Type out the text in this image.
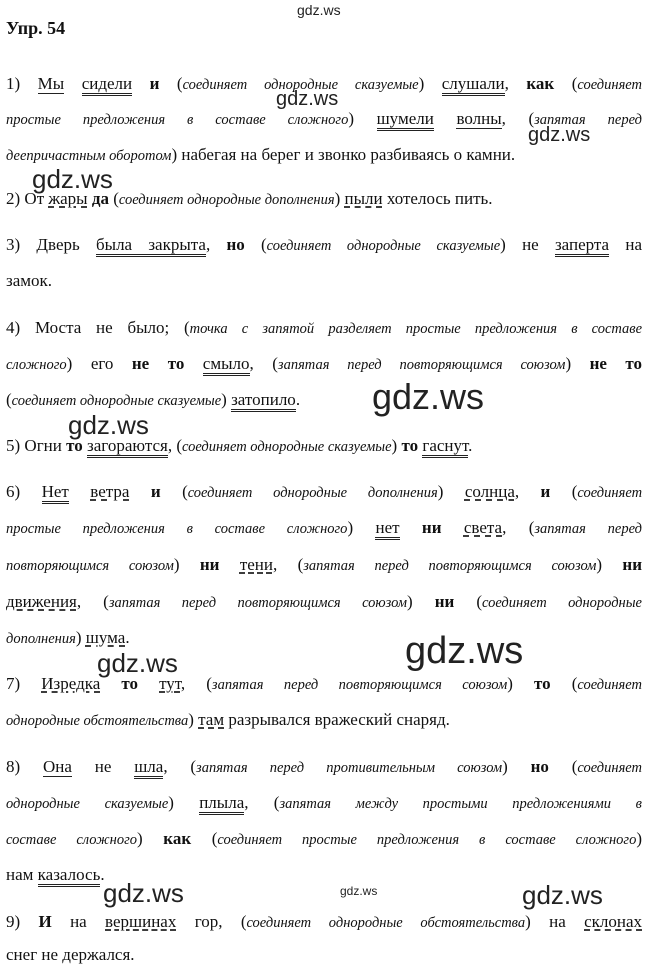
Упр. 54
1) Мы сидели и (соединяет однородные сказуемые) слушали, как (соединяет
простые предложения в составе сложного) шумели волны, (запятая перед
деепричастным оборотом) набегая на берег и звонко разбиваясь о камни.
2) От жары да (соединяет однородные дополнения) пыли хотелось пить.
3) Дверь была закрыта, но (соединяет однородные сказуемые) не заперта на
замок.
4) Моста не было; (точка с запятой разделяет простые предложения в составе
сложного) его не то смыло, (запятая перед повторяющимся союзом) не то
(соединяет однородные сказуемые) затопило.
5) Огни то загораются, (соединяет однородные сказуемые) то гаснут.
6) Нет ветра и (соединяет однородные дополнения) солнца, и (соединяет
простые предложения в составе сложного) нет ни света, (запятая перед
повторяющимся союзом) ни тени, (запятая перед повторяющимся союзом) ни
движения, (запятая перед повторяющимся союзом) ни (соединяет однородные
дополнения) шума.
7) Изредка то тут, (запятая перед повторяющимся союзом) то (соединяет
однородные обстоятельства) там разрывался вражеский снаряд.
8) Она не шла, (запятая перед противительным союзом) но (соединяет
однородные сказуемые) плыла, (запятая между простыми предложениями в
составе сложного) как (соединяет простые предложения в составе сложного)
нам казалось.
9) И на вершинах гор, (соединяет однородные обстоятельства) на склонах
снег не держался.
gdz.ws
gdz.ws
gdz.ws
gdz.ws
gdz.ws
gdz.ws
gdz.ws
gdz.ws
gdz.ws	gdz.ws	gdz.ws
